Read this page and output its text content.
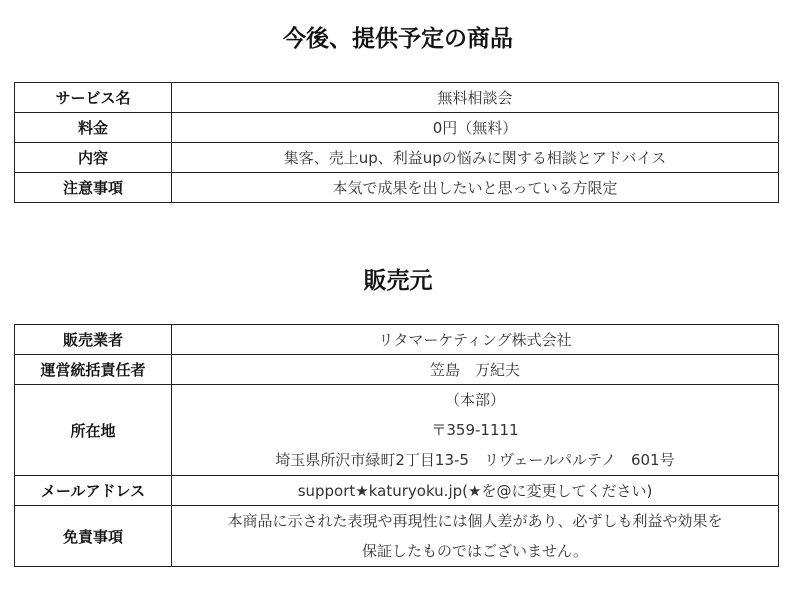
今後、提供予定の商品
サービス名	無料相談会
料金	0円（無料）
内容	集客、売上up、利益upの悩みに関する相談とアドバイス
注意事項	本気で成果を出したいと思っている方限定
販売元
販売業者	リタマーケティング株式会社
運営統括責任者	笠島　万紀夫
所在地	（本部）
〒359-1111
埼玉県所沢市緑町2丁目13-5　リヴェールパルテノ　601号

メールアドレス	support★katuryoku.jp(★を@に変更してください)
免責事項	本商品に示された表現や再現性には個人差があり、必ずしも利益や効果を
保証したものではございません。
